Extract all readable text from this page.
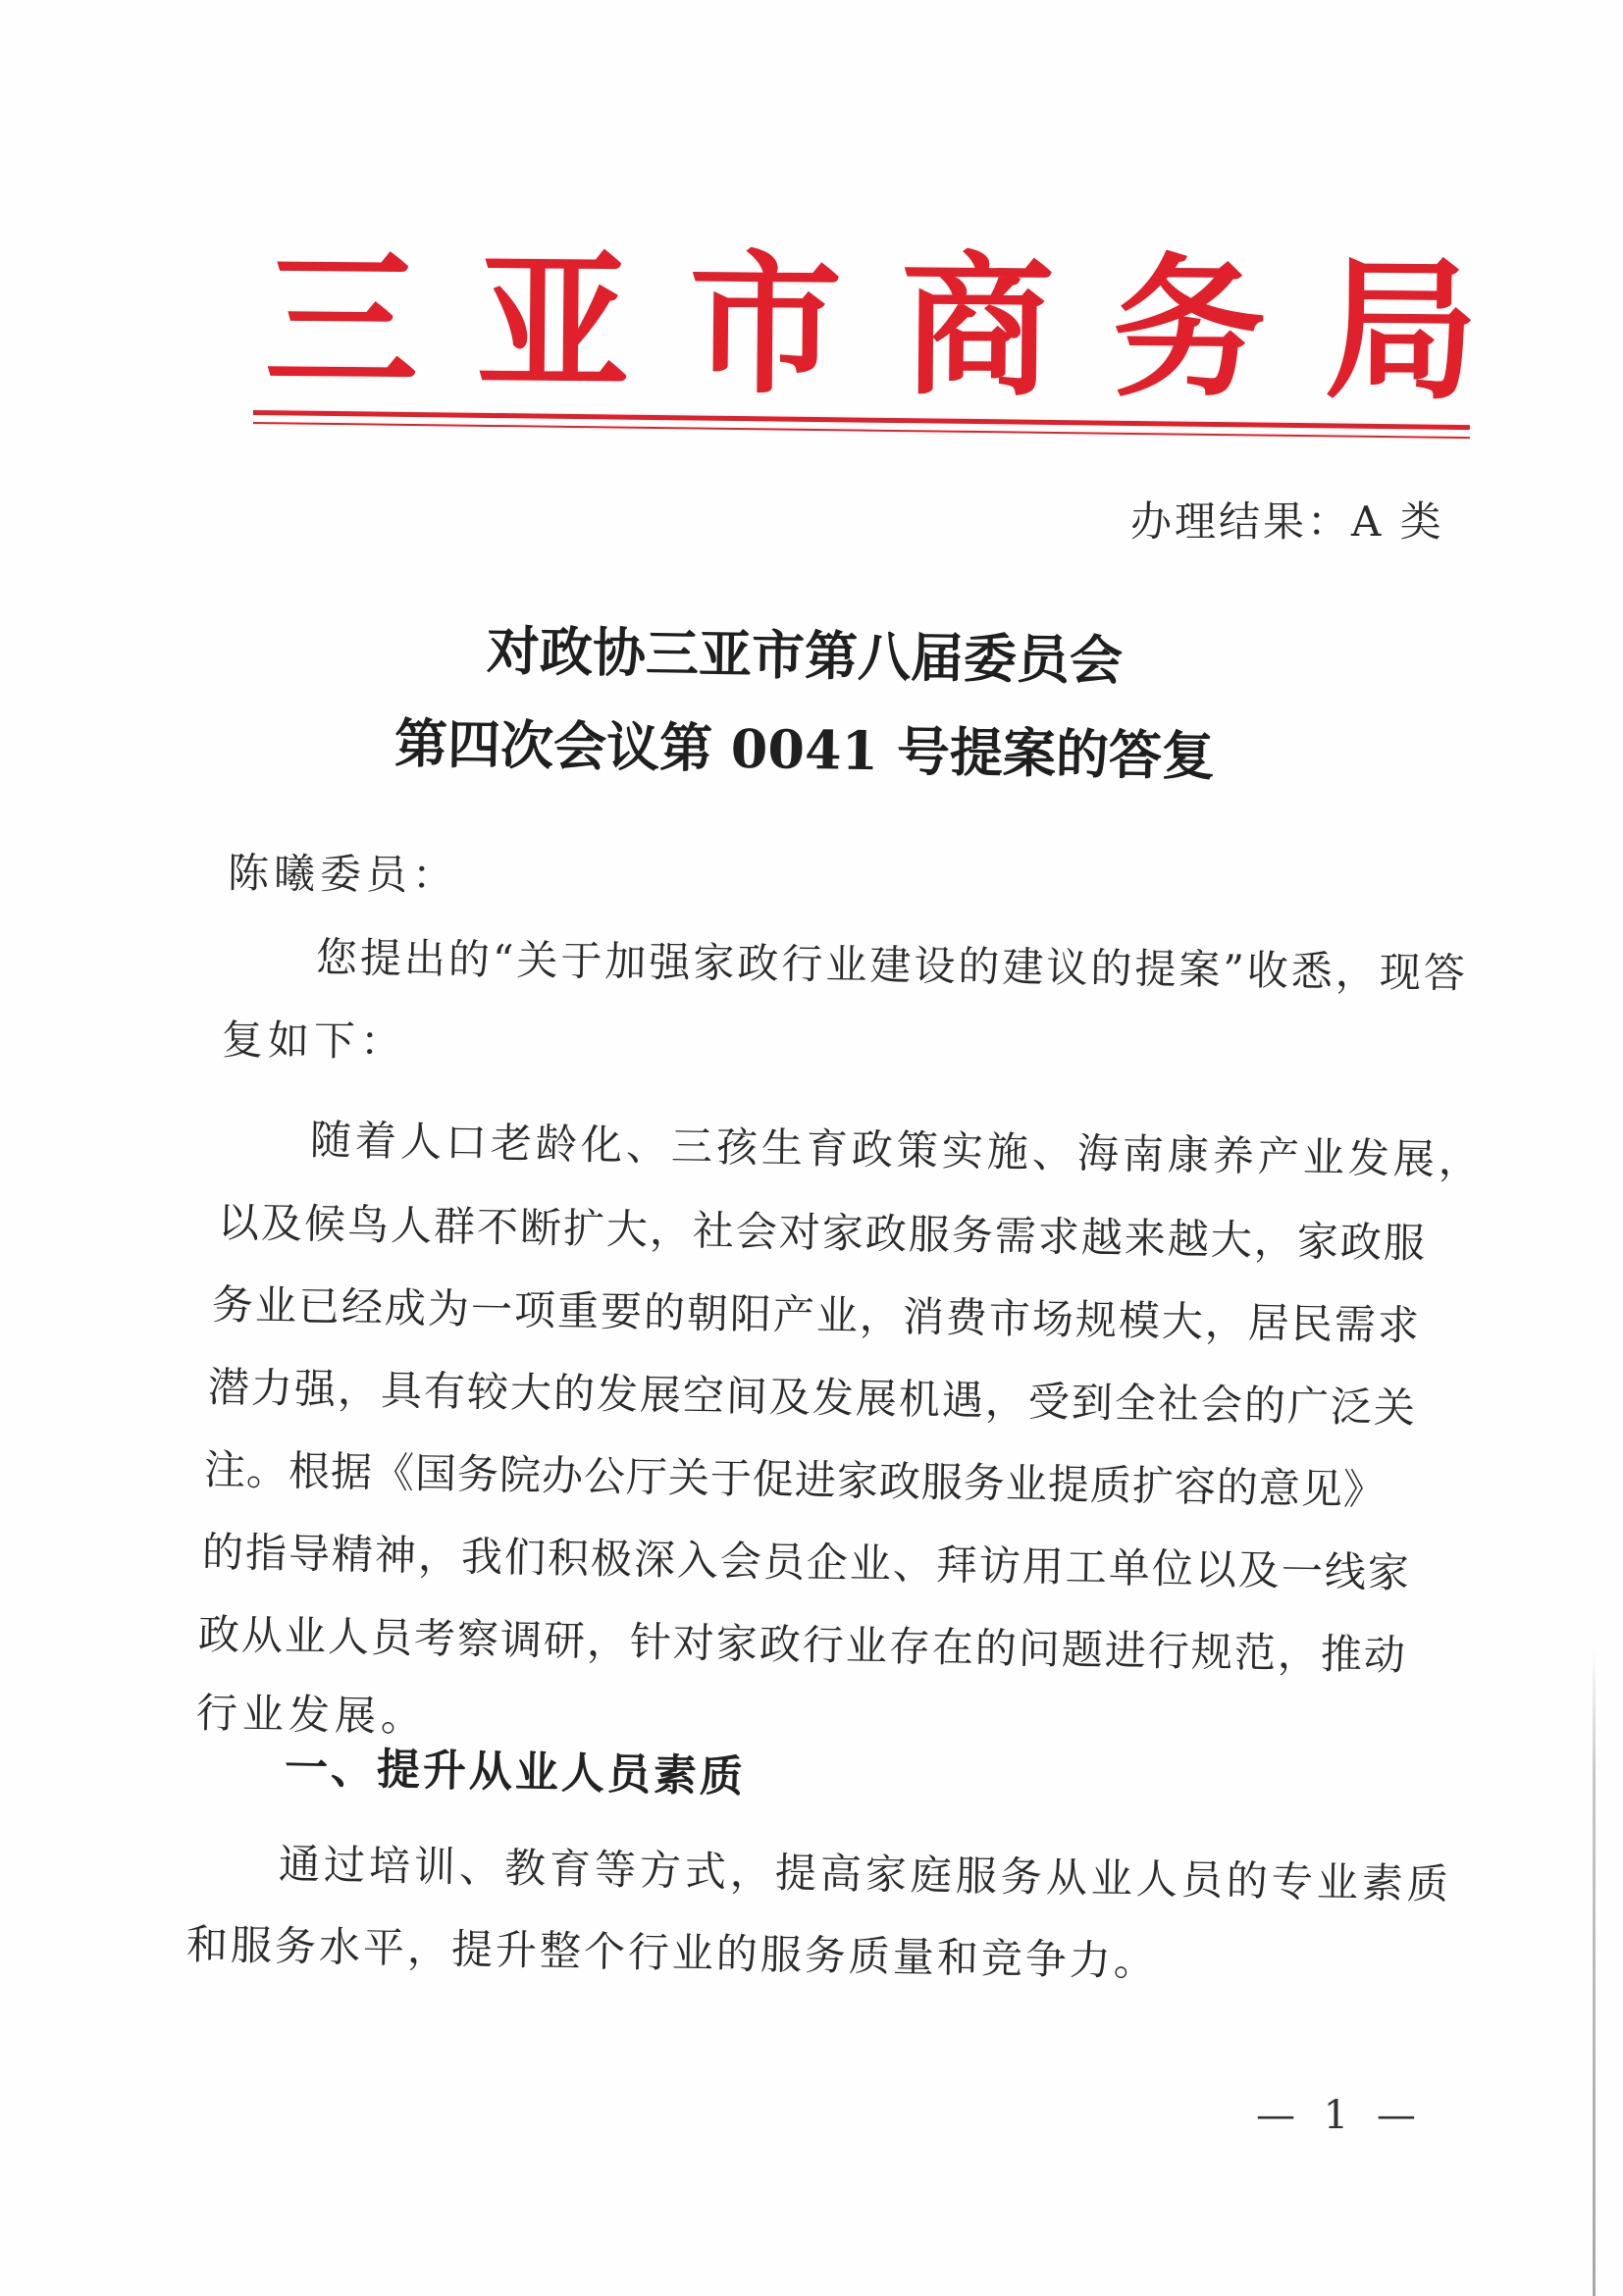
三亚市商务局
办理结果：A 类
对政协三亚市第八届委员会
第四次会议第 0041 号提案的答复
陈曦委员：
您提出的“关于加强家政行业建设的建议的提案”收悉，现答
复如下：
随着人口老龄化、三孩生育政策实施、海南康养产业发展，
以及候鸟人群不断扩大，社会对家政服务需求越来越大，家政服
务业已经成为一项重要的朝阳产业，消费市场规模大，居民需求
潜力强，具有较大的发展空间及发展机遇，受到全社会的广泛关
注。根据《国务院办公厅关于促进家政服务业提质扩容的意见》
的指导精神，我们积极深入会员企业、拜访用工单位以及一线家
政从业人员考察调研，针对家政行业存在的问题进行规范，推动
行业发展。
一、提升从业人员素质
通过培训、教育等方式，提高家庭服务从业人员的专业素质
和服务水平，提升整个行业的服务质量和竞争力。
— 1 —
